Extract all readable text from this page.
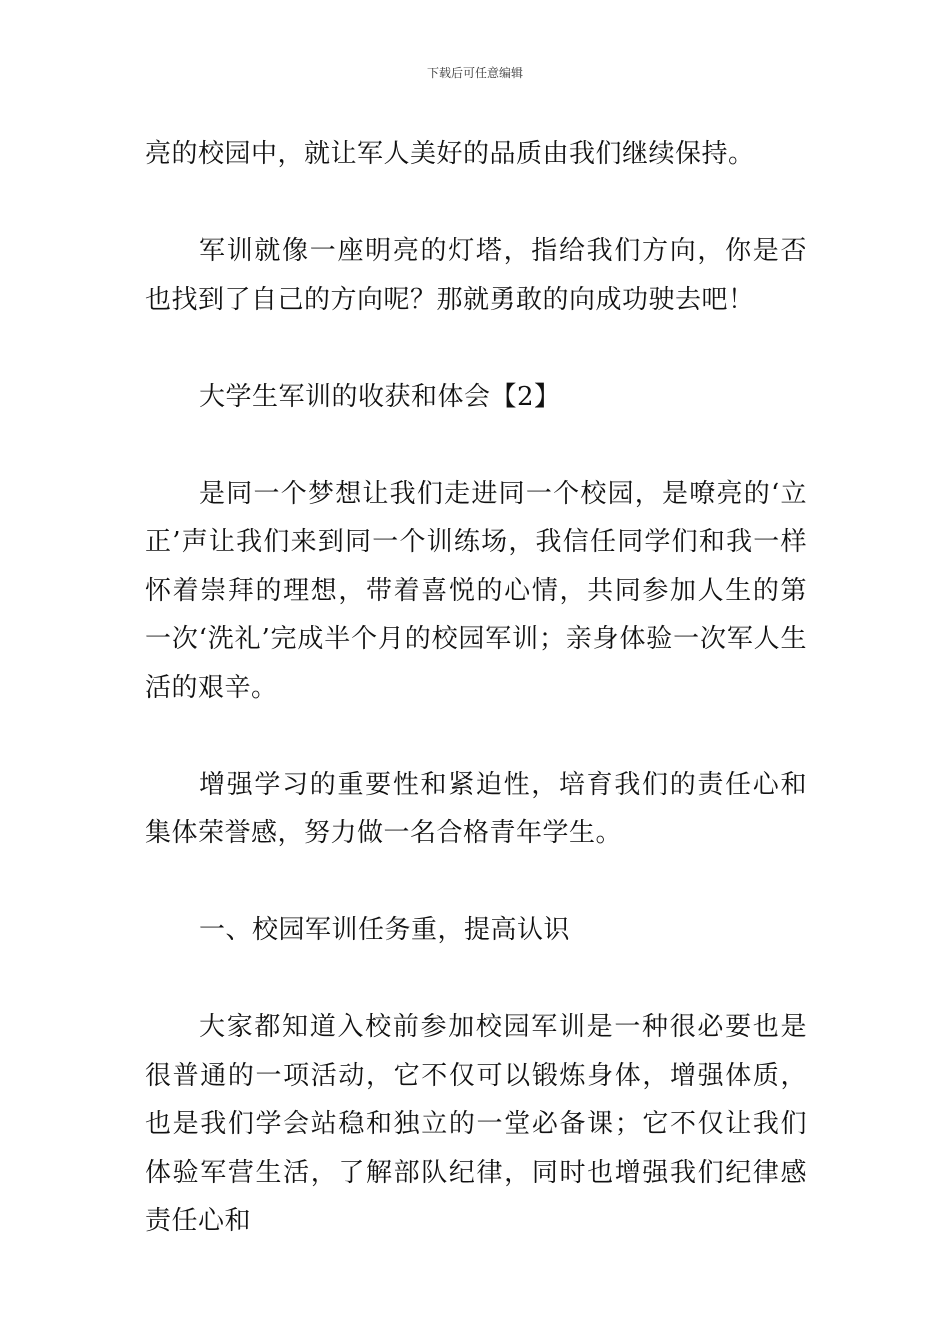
下载后可任意编辑

亮的校园中，就让军人美好的品质由我们继续保持。

军训就像一座明亮的灯塔，指给我们方向，你是否也找到了自己的方向呢？那就勇敢的向成功驶去吧！

大学生军训的收获和体会【2】

是同一个梦想让我们走进同一个校园，是嘹亮的‘立正’声让我们来到同一个训练场，我信任同学们和我一样怀着崇拜的理想，带着喜悦的心情，共同参加人生的第一次‘洗礼’完成半个月的校园军训；亲身体验一次军人生活的艰辛。

增强学习的重要性和紧迫性，培育我们的责任心和集体荣誉感，努力做一名合格青年学生。

一、校园军训任务重，提高认识

大家都知道入校前参加校园军训是一种很必要也是很普通的一项活动，它不仅可以锻炼身体，增强体质，也是我们学会站稳和独立的一堂必备课；它不仅让我们体验军营生活，了解部队纪律，同时也增强我们纪律感责任心和
